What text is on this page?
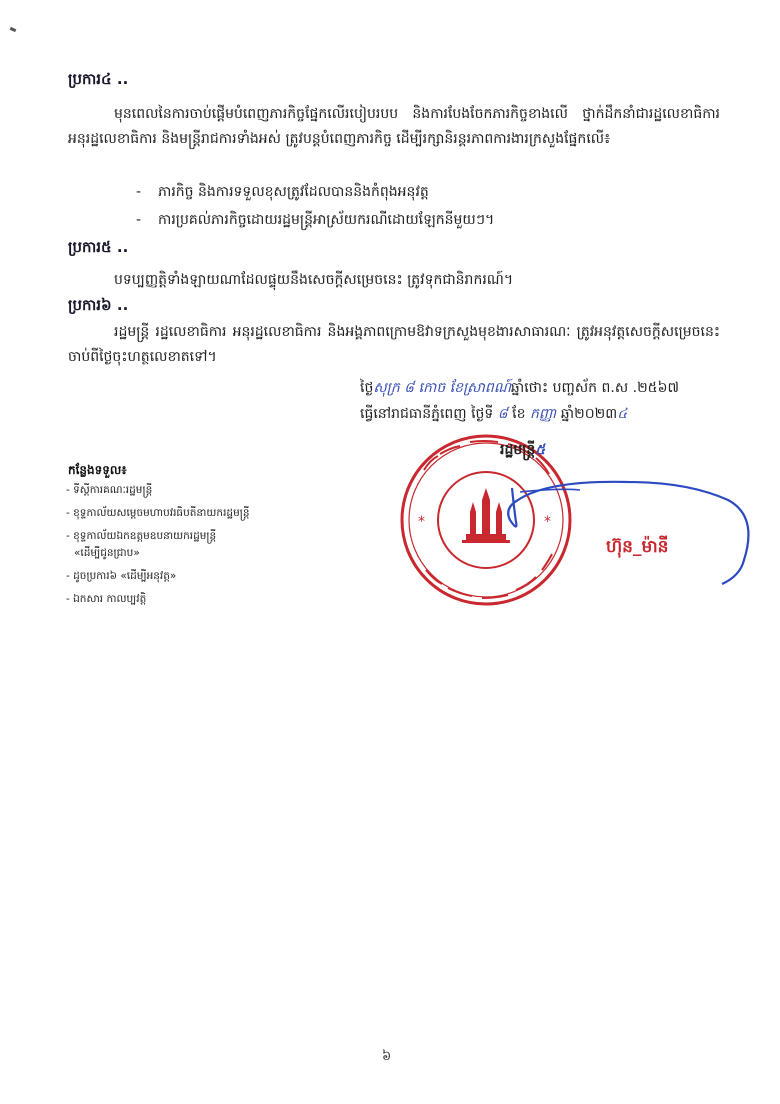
ប្រការ៤ ..
មុនពេលនៃការចាប់ផ្ដើមបំពេញភារកិច្ចផ្នែកលើរបៀបរបប និងការបែងចែកភារកិច្ចខាងលើ ថ្នាក់ដឹកនាំជារដ្ឋលេខាធិការ អនុរដ្ឋលេខាធិការ និងមន្ត្រីរាជការទាំងអស់ ត្រូវបន្តបំពេញភារកិច្ច ដើម្បីរក្សានិរន្តរភាពការងារក្រសួងផ្នែកលើ៖
- ភារកិច្ច និងការទទួលខុសត្រូវដែលបាននិងកំពុងអនុវត្ត
- ការប្រគល់ភារកិច្ចដោយរដ្ឋមន្ត្រីអាស្រ័យករណីដោយឡែកនីមួយៗ។
ប្រការ៥ ..
បទប្បញ្ញត្តិទាំងឡាយណាដែលផ្ទុយនឹងសេចក្ដីសម្រេចនេះ ត្រូវទុកជានិរាករណ៍។
ប្រការ៦ ..
រដ្ឋមន្ត្រី រដ្ឋលេខាធិការ អនុរដ្ឋលេខាធិការ និងអង្គភាពក្រោមឱវាទក្រសួងមុខងារសាធារណៈ ត្រូវអនុវត្តសេចក្ដីសម្រេចនេះ ចាប់ពីថ្ងៃចុះហត្ថលេខាតទៅ។
ថ្ងៃសុក្រ ៨ កោច ខែស្រាពណ៍ឆ្នាំថោះ បញ្ចស័ក ព.ស .២៥៦៧
ធ្វើនៅរាជធានីភ្នំពេញ ថ្ងៃទី ៨ ខែ កញ្ញា ឆ្នាំ២០២៣៤
*	*
រដ្ឋមន្ត្រី៥
ហ៊ុន_ម៉ានី
កន្លែងទទួល៖
- ទីស្ដីការគណៈរដ្ឋមន្ត្រី
- ខុទ្ទកាល័យសម្ដេចមហាបវរធិបតីនាយករដ្ឋមន្ត្រី
- ខុទ្ទកាល័យឯកឧត្ដមឧបនាយករដ្ឋមន្ត្រី
«ដើម្បីជូនជ្រាប»
- ដូចប្រការ៦ «ដើម្បីអនុវត្ត»
- ឯកសារ កាលប្បវត្តិ
៦
